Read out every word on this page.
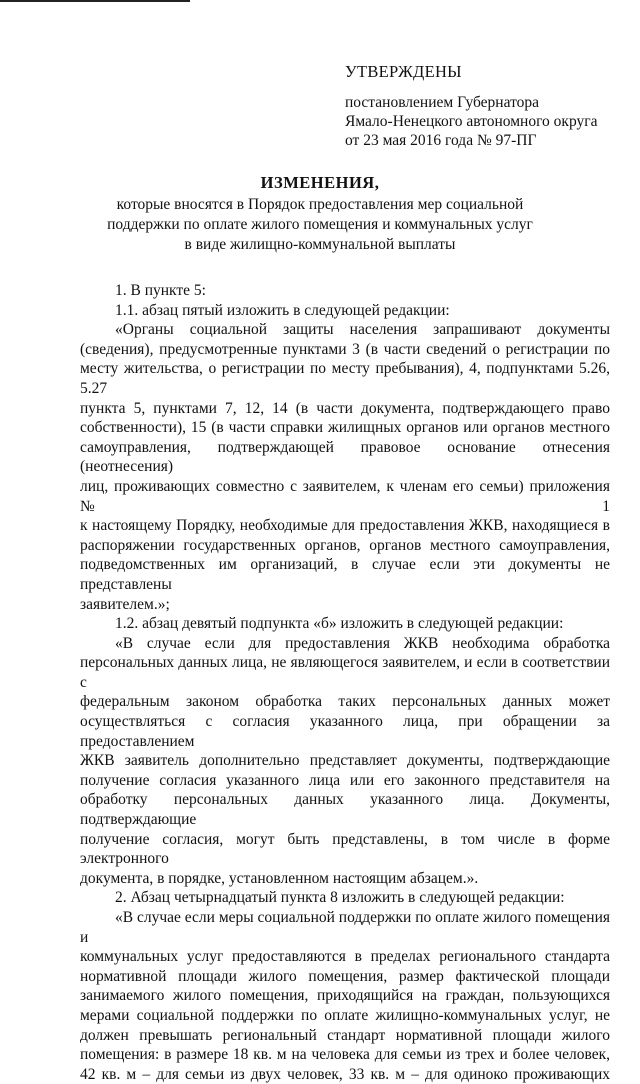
УТВЕРЖДЕНЫ
постановлением Губернатора
Ямало-Ненецкого автономного округа
от 23 мая 2016 года № 97-ПГ
ИЗМЕНЕНИЯ,
которые вносятся в Порядок предоставления мер социальной
поддержки по оплате жилого помещения и коммунальных услуг
в виде жилищно-коммунальной выплаты

1. В пункте 5:

1.1. абзац пятый изложить в следующей редакции:

«Органы социальной защиты населения запрашивают документы

(сведения), предусмотренные пунктами 3 (в части сведений о регистрации по

месту жительства, о регистрации по месту пребывания), 4, подпунктами 5.26, 5.27

пункта 5, пунктами 7, 12, 14 (в части документа, подтверждающего право

собственности), 15 (в части справки жилищных органов или органов местного

самоуправления, подтверждающей правовое основание отнесения (неотнесения)

лиц, проживающих совместно с заявителем, к членам его семьи) приложения № 1

к настоящему Порядку, необходимые для предоставления ЖКВ, находящиеся в

распоряжении государственных органов, органов местного самоуправления,

подведомственных им организаций, в случае если эти документы не представлены

заявителем.»;

1.2. абзац девятый подпункта «б» изложить в следующей редакции:

«В случае если для предоставления ЖКВ необходима обработка

персональных данных лица, не являющегося заявителем, и если в соответствии с

федеральным законом обработка таких персональных данных может

осуществляться с согласия указанного лица, при обращении за предоставлением

ЖКВ заявитель дополнительно представляет документы, подтверждающие

получение согласия указанного лица или его законного представителя на

обработку персональных данных указанного лица. Документы, подтверждающие

получение согласия, могут быть представлены, в том числе в форме электронного

документа, в порядке, установленном настоящим абзацем.».

2. Абзац четырнадцатый пункта 8 изложить в следующей редакции:

«В случае если меры социальной поддержки по оплате жилого помещения и

коммунальных услуг предоставляются в пределах регионального стандарта

нормативной площади жилого помещения, размер фактической площади

занимаемого жилого помещения, приходящийся на граждан, пользующихся

мерами социальной поддержки по оплате жилищно-коммунальных услуг, не

должен превышать региональный стандарт нормативной площади жилого

помещения: в размере 18 кв. м на человека для семьи из трех и более человек,

42 кв. м – для семьи из двух человек, 33 кв. м – для одиноко проживающих
